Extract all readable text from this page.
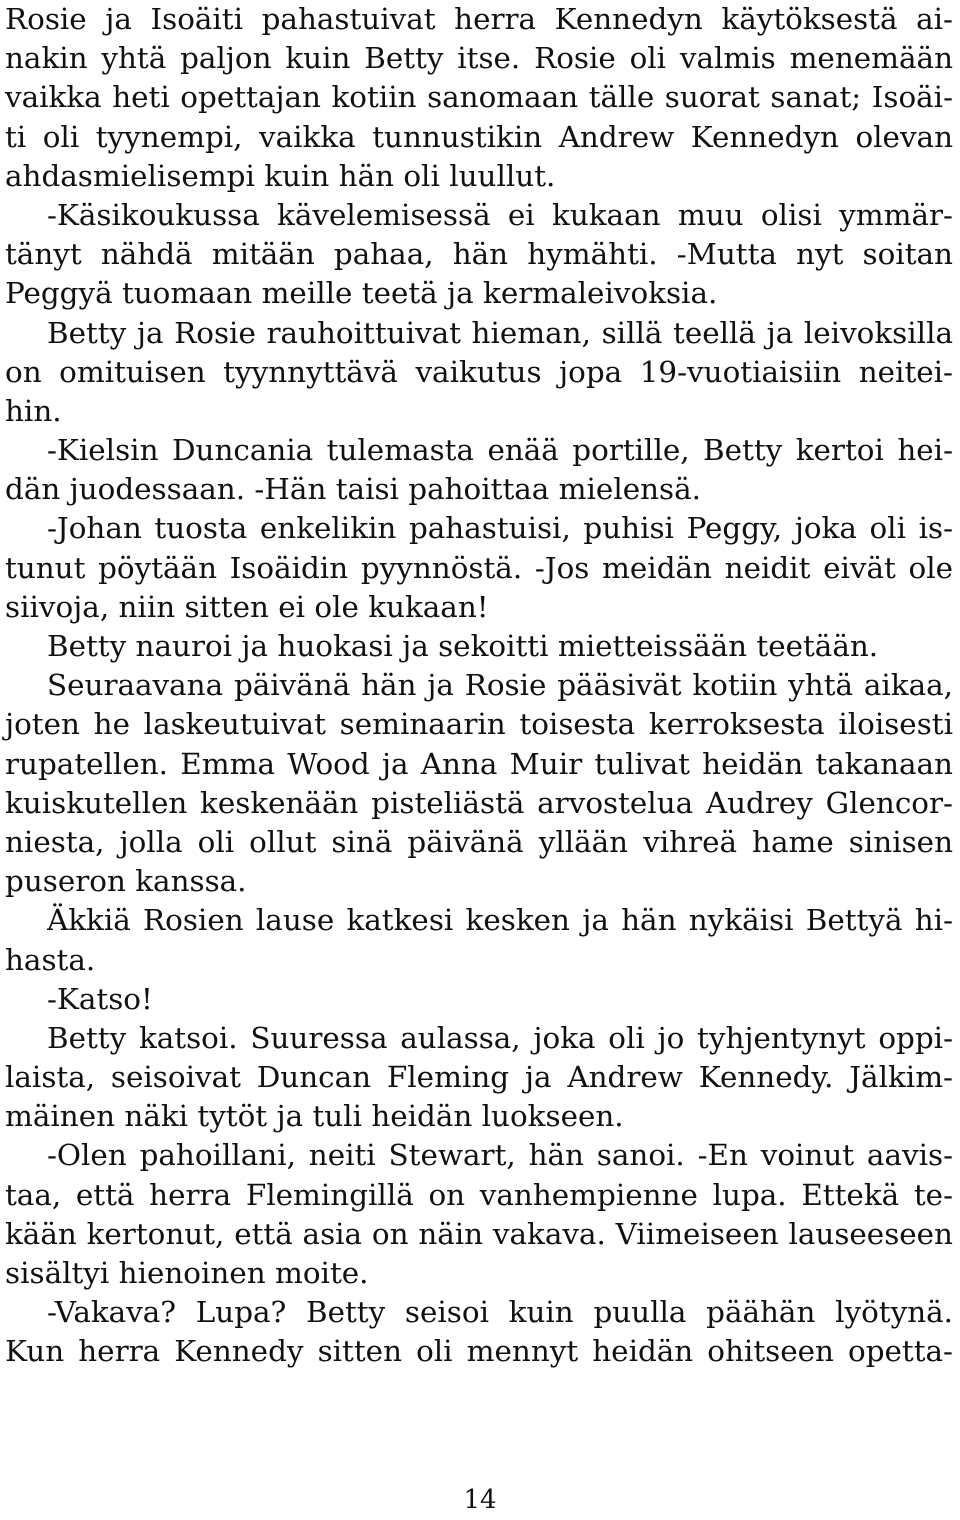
Rosie ja Isoäiti pahastuivat herra Kennedyn käytöksestä ai-
nakin yhtä paljon kuin Betty itse. Rosie oli valmis menemään
vaikka heti opettajan kotiin sanomaan tälle suorat sanat; Isoäi-
ti oli tyynempi, vaikka tunnustikin Andrew Kennedyn olevan
ahdasmielisempi kuin hän oli luullut.
-Käsikoukussa kävelemisessä ei kukaan muu olisi ymmär-
tänyt nähdä mitään pahaa, hän hymähti. -Mutta nyt soitan
Peggyä tuomaan meille teetä ja kermaleivoksia.
Betty ja Rosie rauhoittuivat hieman, sillä teellä ja leivoksilla
on omituisen tyynnyttävä vaikutus jopa 19-vuotiaisiin neitei-
hin.
-Kielsin Duncania tulemasta enää portille, Betty kertoi hei-
dän juodessaan. -Hän taisi pahoittaa mielensä.
-Johan tuosta enkelikin pahastuisi, puhisi Peggy, joka oli is-
tunut pöytään Isoäidin pyynnöstä. -Jos meidän neidit eivät ole
siivoja, niin sitten ei ole kukaan!
Betty nauroi ja huokasi ja sekoitti mietteissään teetään.
Seuraavana päivänä hän ja Rosie pääsivät kotiin yhtä aikaa,
joten he laskeutuivat seminaarin toisesta kerroksesta iloisesti
rupatellen. Emma Wood ja Anna Muir tulivat heidän takanaan
kuiskutellen keskenään pisteliästä arvostelua Audrey Glencor-
niesta, jolla oli ollut sinä päivänä yllään vihreä hame sinisen
puseron kanssa.
Äkkiä Rosien lause katkesi kesken ja hän nykäisi Bettyä hi-
hasta.
-Katso!
Betty katsoi. Suuressa aulassa, joka oli jo tyhjentynyt oppi-
laista, seisoivat Duncan Fleming ja Andrew Kennedy. Jälkim-
mäinen näki tytöt ja tuli heidän luokseen.
-Olen pahoillani, neiti Stewart, hän sanoi. -En voinut aavis-
taa, että herra Flemingillä on vanhempienne lupa. Ettekä te-
kään kertonut, että asia on näin vakava. Viimeiseen lauseeseen
sisältyi hienoinen moite.
-Vakava? Lupa? Betty seisoi kuin puulla päähän lyötynä.
Kun herra Kennedy sitten oli mennyt heidän ohitseen opetta-
14
